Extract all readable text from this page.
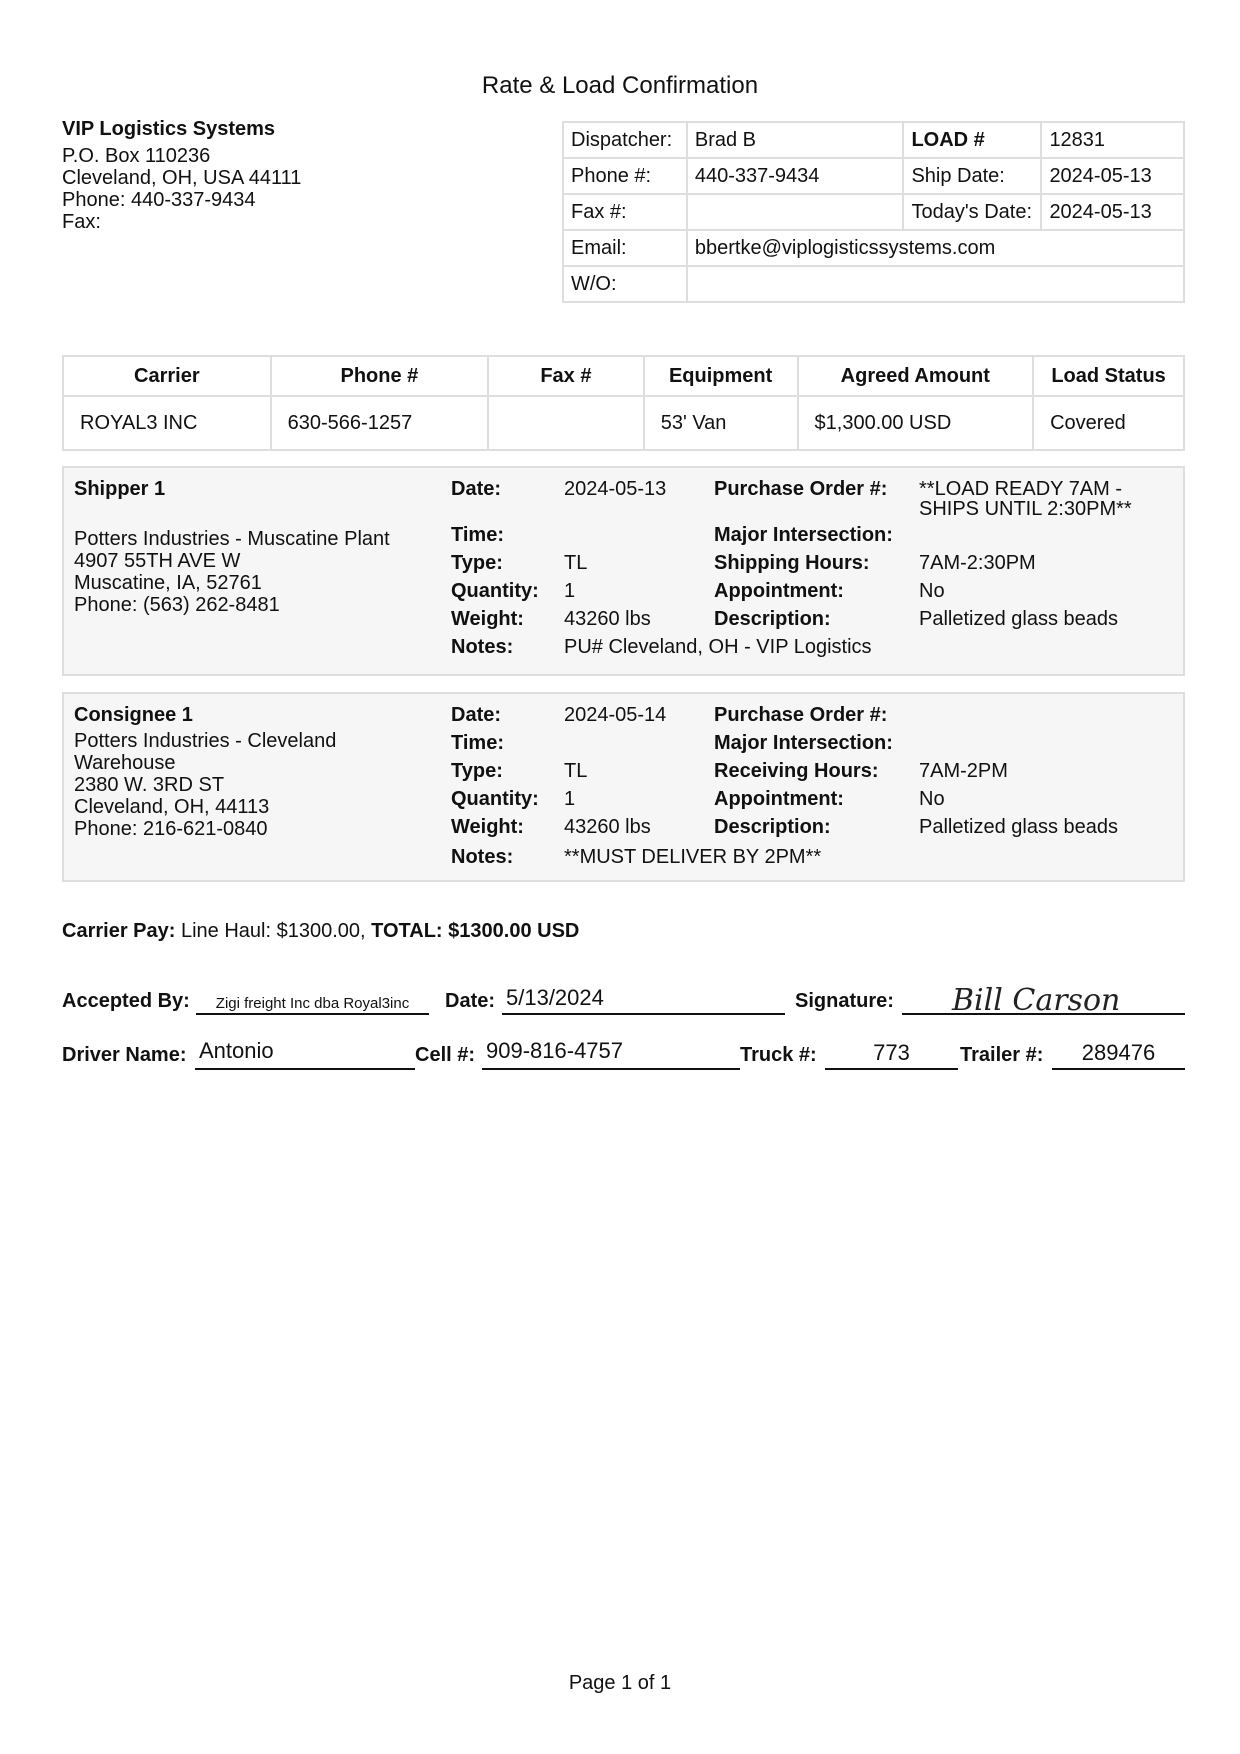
Rate & Load Confirmation
VIP Logistics Systems
P.O. Box 110236
Cleveland, OH, USA 44111
Phone: 440-337-9434
Fax:
Dispatcher:	Brad B	LOAD #	12831
Phone #:	440-337-9434	Ship Date:	2024-05-13
Fax #:		Today's Date:	2024-05-13
Email:	bbertke@viplogisticssystems.com		
W/O:			
Carrier	Phone #	Fax #	Equipment	Agreed Amount	Load Status
ROYAL3 INC	630-566-1257		53' Van	$1,300.00 USD	Covered
Shipper 1
Potters Industries - Muscatine Plant
4907 55TH AVE W
Muscatine, IA, 52761
Phone: (563) 262-8481
Date:	2024-05-13
Time:
Type:	TL
Quantity: 1
Weight: 43260 lbs
Notes:	PU# Cleveland, OH - VIP Logistics
Purchase Order #: **LOAD READY 7AM -
SHIPS UNTIL 2:30PM**
Major Intersection:
Shipping Hours: 7AM-2:30PM
Appointment:	No
Description:	Palletized glass beads
Consignee 1
Potters Industries - Cleveland
Warehouse
2380 W. 3RD ST
Cleveland, OH, 44113
Phone: 216-621-0840
Date:	2024-05-14
Time:
Type:	TL
Quantity: 1
Weight: 43260 lbs
Notes:	**MUST DELIVER BY 2PM**
Purchase Order #:
Major Intersection:
Receiving Hours: 7AM-2PM
Appointment:	No
Description:	Palletized glass beads
Carrier Pay: Line Haul: $1300.00, TOTAL: $1300.00 USD
Accepted By:	Zigi freight Inc dba Royal3inc	Date: 5/13/2024	Signature: Bill Carson
Driver Name: Antonio	Cell #: 909-816-4757	Truck #:	773	Trailer #:	289476
Page 1 of 1
